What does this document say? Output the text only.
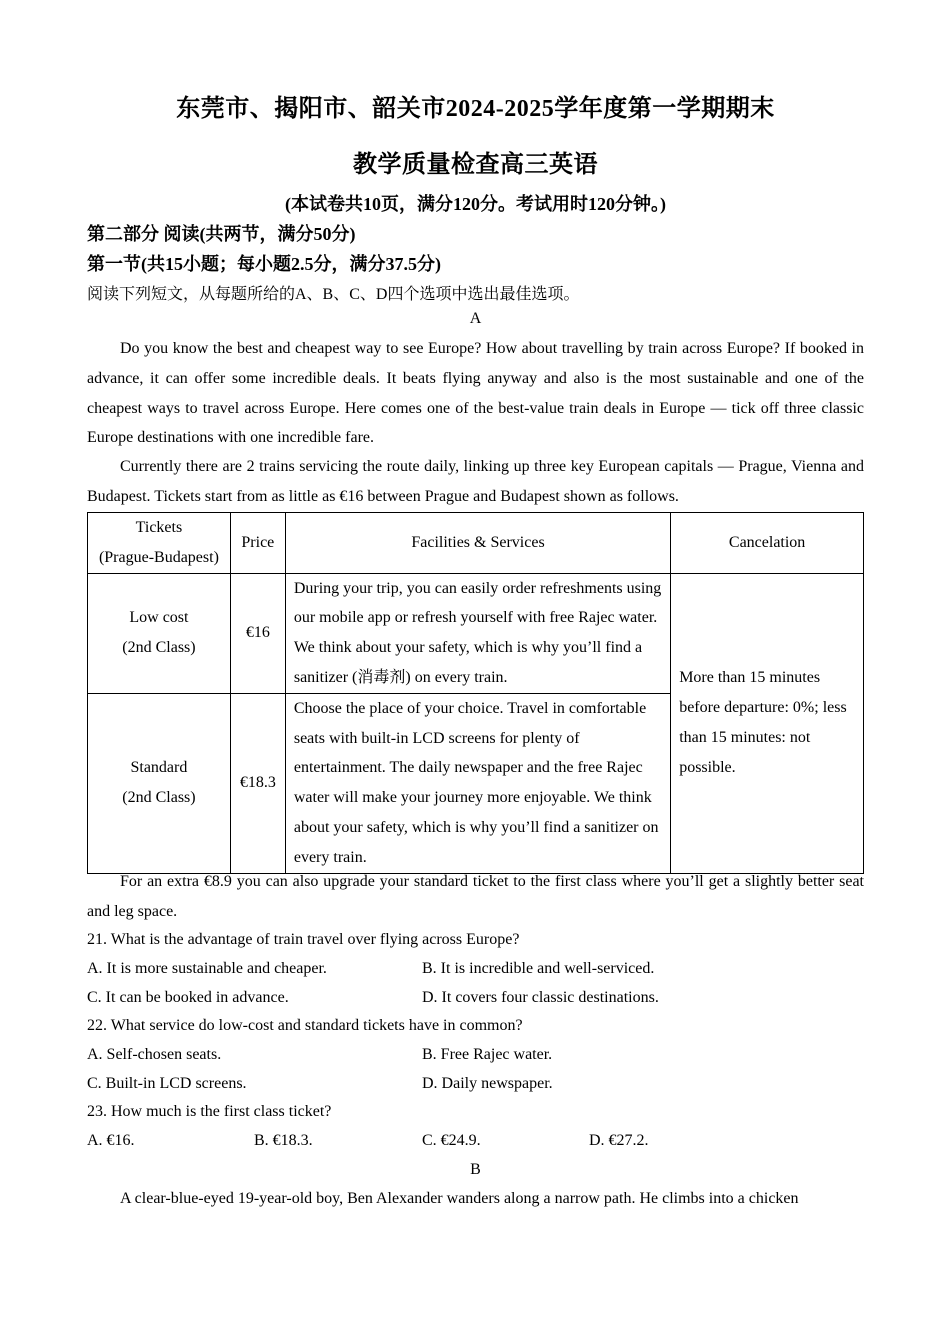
东莞市、揭阳市、韶关市2024-2025学年度第一学期期末
教学质量检查高三英语
(本试卷共10页，满分120分。考试用时120分钟。)
第二部分 阅读(共两节，满分50分)
第一节(共15小题；每小题2.5分，满分37.5分)
阅读下列短文，从每题所给的A、B、C、D四个选项中选出最佳选项。
A
Do you know the best and cheapest way to see Europe? How about travelling by train across Europe? If booked in advance, it can offer some incredible deals. It beats flying anyway and also is the most sustainable and one of the cheapest ways to travel across Europe. Here comes one of the best-value train deals in Europe — tick off three classic Europe destinations with one incredible fare.
Currently there are 2 trains servicing the route daily, linking up three key European capitals — Prague, Vienna and Budapest. Tickets start from as little as €16 between Prague and Budapest shown as follows.
Tickets
(Prague-Budapest)	Price	Facilities & Services	Cancelation

Low cost
(2nd Class)	€16	During your trip, you can easily order refreshments using our mobile app or refresh yourself with free Rajec water. We think about your safety, which is why you’ll find a sanitizer (消毒剂) on every train.	More than 15 minutes before departure: 0%; less than 15 minutes: not possible.

Standard
(2nd Class)	€18.3	Choose the place of your choice. Travel in comfortable seats with built-in LCD screens for plenty of entertainment. The daily newspaper and the free Rajec water will make your journey more enjoyable. We think about your safety, which is why you’ll find a sanitizer on every train.	
For an extra €8.9 you can also upgrade your standard ticket to the first class where you’ll get a slightly better seat and leg space.
21. What is the advantage of train travel over flying across Europe?
A. It is more sustainable and cheaper.	B. It is incredible and well-serviced.
C. It can be booked in advance.	D. It covers four classic destinations.
22. What service do low-cost and standard tickets have in common?
A. Self-chosen seats.	B. Free Rajec water.
C. Built-in LCD screens.	D. Daily newspaper.
23. How much is the first class ticket?
A. €16.	B. €18.3.	C. €24.9.	D. €27.2.
B
A clear-blue-eyed 19-year-old boy, Ben Alexander wanders along a narrow path. He climbs into a chicken
